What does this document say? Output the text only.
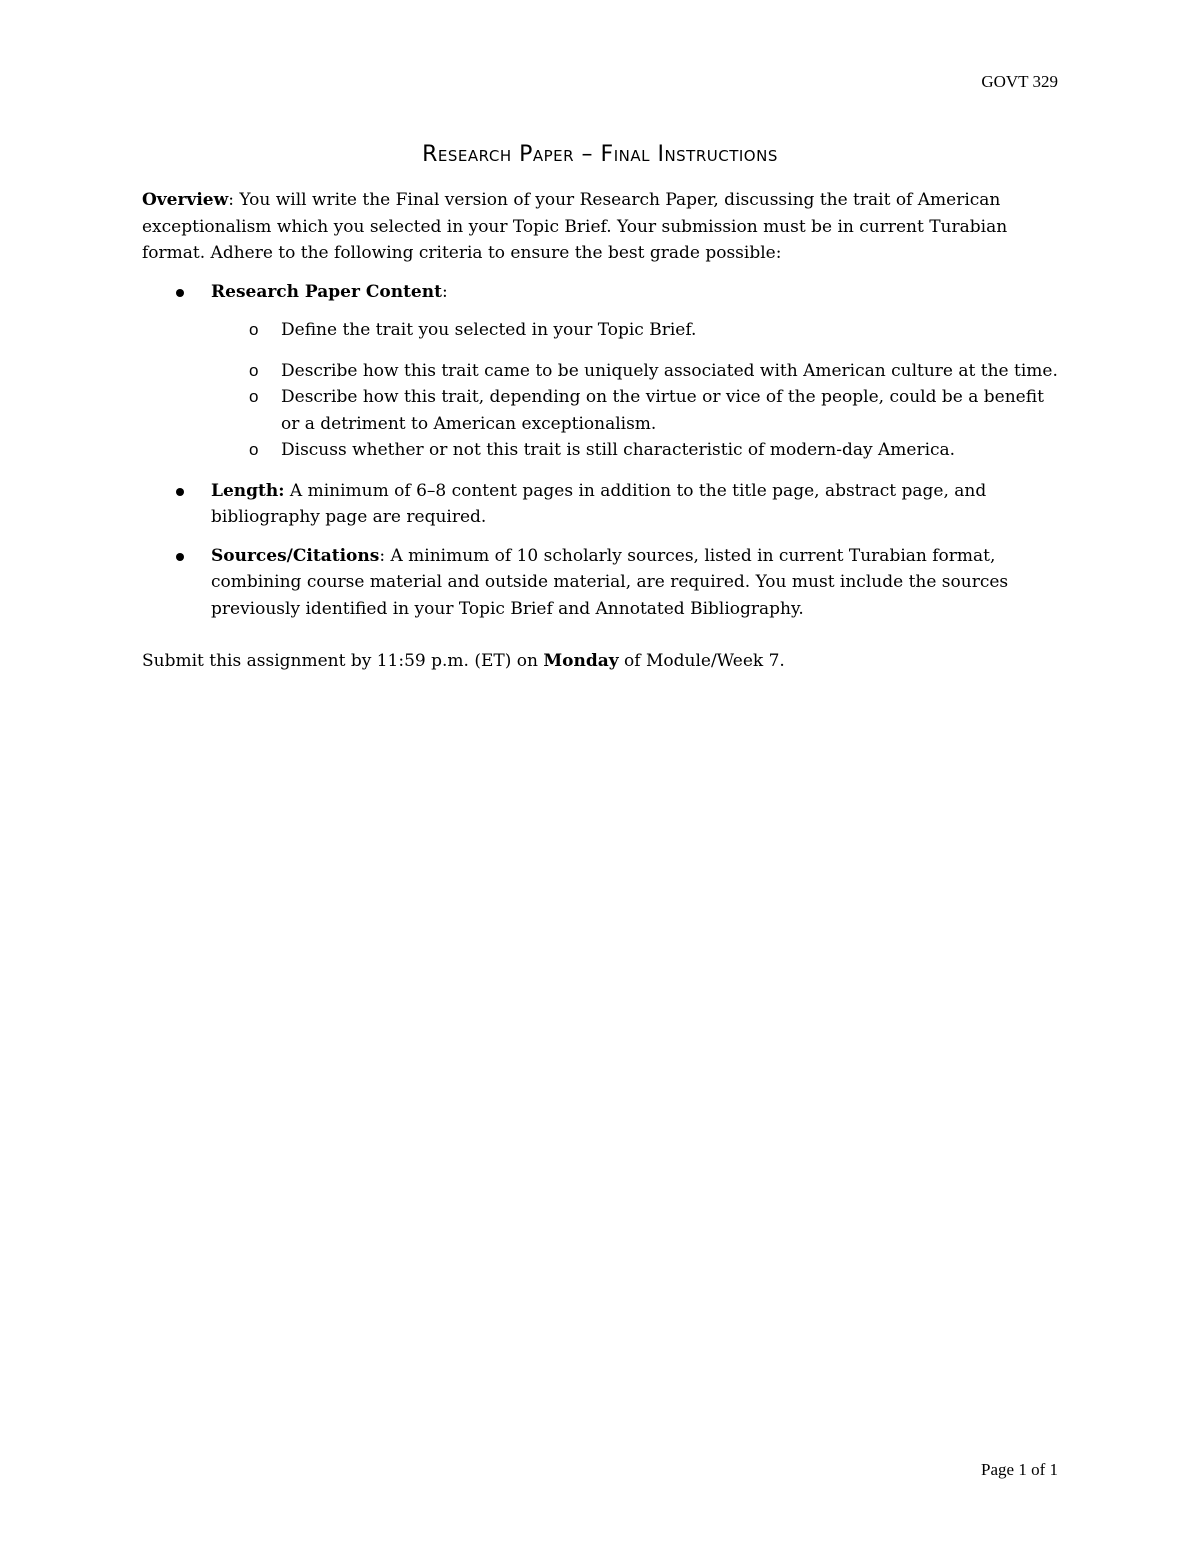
GOVT 329
Research Paper – Final Instructions

Overview: You will write the Final version of your Research Paper, discussing the trait of American exceptionalism which you selected in your Topic Brief. Your submission must be in current Turabian format. Adhere to the following criteria to ensure the best grade possible:

Research Paper Content:
o Define the trait you selected in your Topic Brief.
o Describe how this trait came to be uniquely associated with American culture at the time.
o Describe how this trait, depending on the virtue or vice of the people, could be a benefit or a detriment to American exceptionalism.
o Discuss whether or not this trait is still characteristic of modern-day America.
Length: A minimum of 6–8 content pages in addition to the title page, abstract page, and bibliography page are required.
Sources/Citations: A minimum of 10 scholarly sources, listed in current Turabian format, combining course material and outside material, are required. You must include the sources previously identified in your Topic Brief and Annotated Bibliography.

Submit this assignment by 11:59 p.m. (ET) on Monday of Module/Week 7.

Page 1 of 1
